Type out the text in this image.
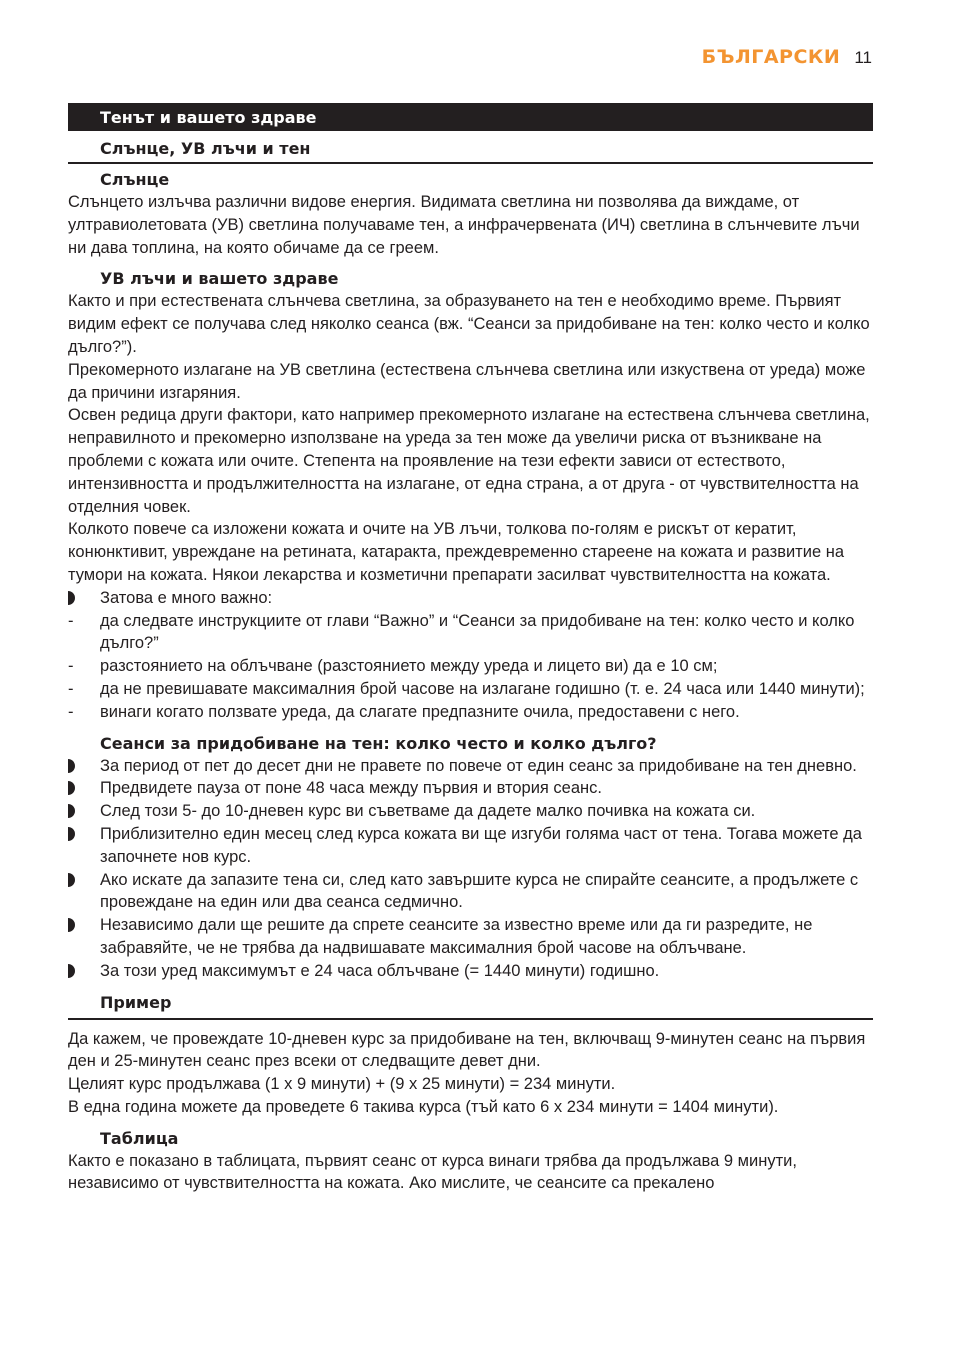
БЪЛГАРСКИ 11
Тенът и вашето здраве
Слънце, УВ лъчи и тен
Слънце

Слънцето излъчва различни видове енергия. Видимата светлина ни позволява да виждаме, от ултравиолетовата (УВ) светлина получаваме тен, а инфрачервената (ИЧ) светлина в слънчевите лъчи ни дава топлина, на която обичаме да се греем.

УВ лъчи и вашето здраве

Както и при естествената слънчева светлина, за образуването на тен е необходимо време. Първият видим ефект се получава след няколко сеанса (вж. “Сеанси за придобиване на тен: колко често и колко дълго?”).

Прекомерното излагане на УВ светлина (естествена слънчева светлина или изкуствена от уреда) може да причини изгаряния.

Освен редица други фактори, като например прекомерното излагане на естествена слънчева светлина, неправилното и прекомерно използване на уреда за тен може да увеличи риска от възникване на проблеми с кожата или очите. Степента на проявление на тези ефекти зависи от естеството, интензивността и продължителността на излагане, от една страна, а от друга - от чувствителността на отделния човек.

Колкото повече са изложени кожата и очите на УВ лъчи, толкова по-голям е рискът от кератит, конюнктивит, увреждане на ретината, катаракта, преждевременно стареене на кожата и развитие на тумори на кожата. Някои лекарства и козметични препарати засилват чувствителността на кожата.

Затова е много важно:
-	да следвате инструкциите от глави “Важно” и “Сеанси за придобиване на тен: колко често и колко дълго?”
-	разстоянието на облъчване (разстоянието между уреда и лицето ви) да е 10 см;
-	да не превишавате максималния брой часове на излагане годишно (т. е. 24 часа или 1440 минути);
-	винаги когато ползвате уреда, да слагате предпазните очила, предоставени с него.
Сеанси за придобиване на тен: колко често и колко дълго?
За период от пет до десет дни не правете по повече от един сеанс за придобиване на тен дневно.
Предвидете пауза от поне 48 часа между първия и втория сеанс.
След този 5- до 10-дневен курс ви съветваме да дадете малко почивка на кожата си.
Приблизително един месец след курса кожата ви ще изгуби голяма част от тена. Тогава можете да започнете нов курс.
Ако искате да запазите тена си, след като завършите курса не спирайте сеансите, а продължете с провеждане на един или два сеанса седмично.
Независимо дали ще решите да спрете сеансите за известно време или да ги разредите, не забравяйте, че не трябва да надвишавате максималния брой часове на облъчване.
За този уред максимумът е 24 часа облъчване (= 1440 минути) годишно.
Пример

Да кажем, че провеждате 10-дневен курс за придобиване на тен, включващ 9-минутен сеанс на първия ден и 25-минутен сеанс през всеки от следващите девет дни.

Целият курс продължава (1 x 9 минути) + (9 x 25 минути) = 234 минути.

В една година можете да проведете 6 такива курса (тъй като 6 x 234 минути = 1404 минути).

Таблица

Както е показано в таблицата, първият сеанс от курса винаги трябва да продължава 9 минути, независимо от чувствителността на кожата. Ако мислите, че сеансите са прекалено
